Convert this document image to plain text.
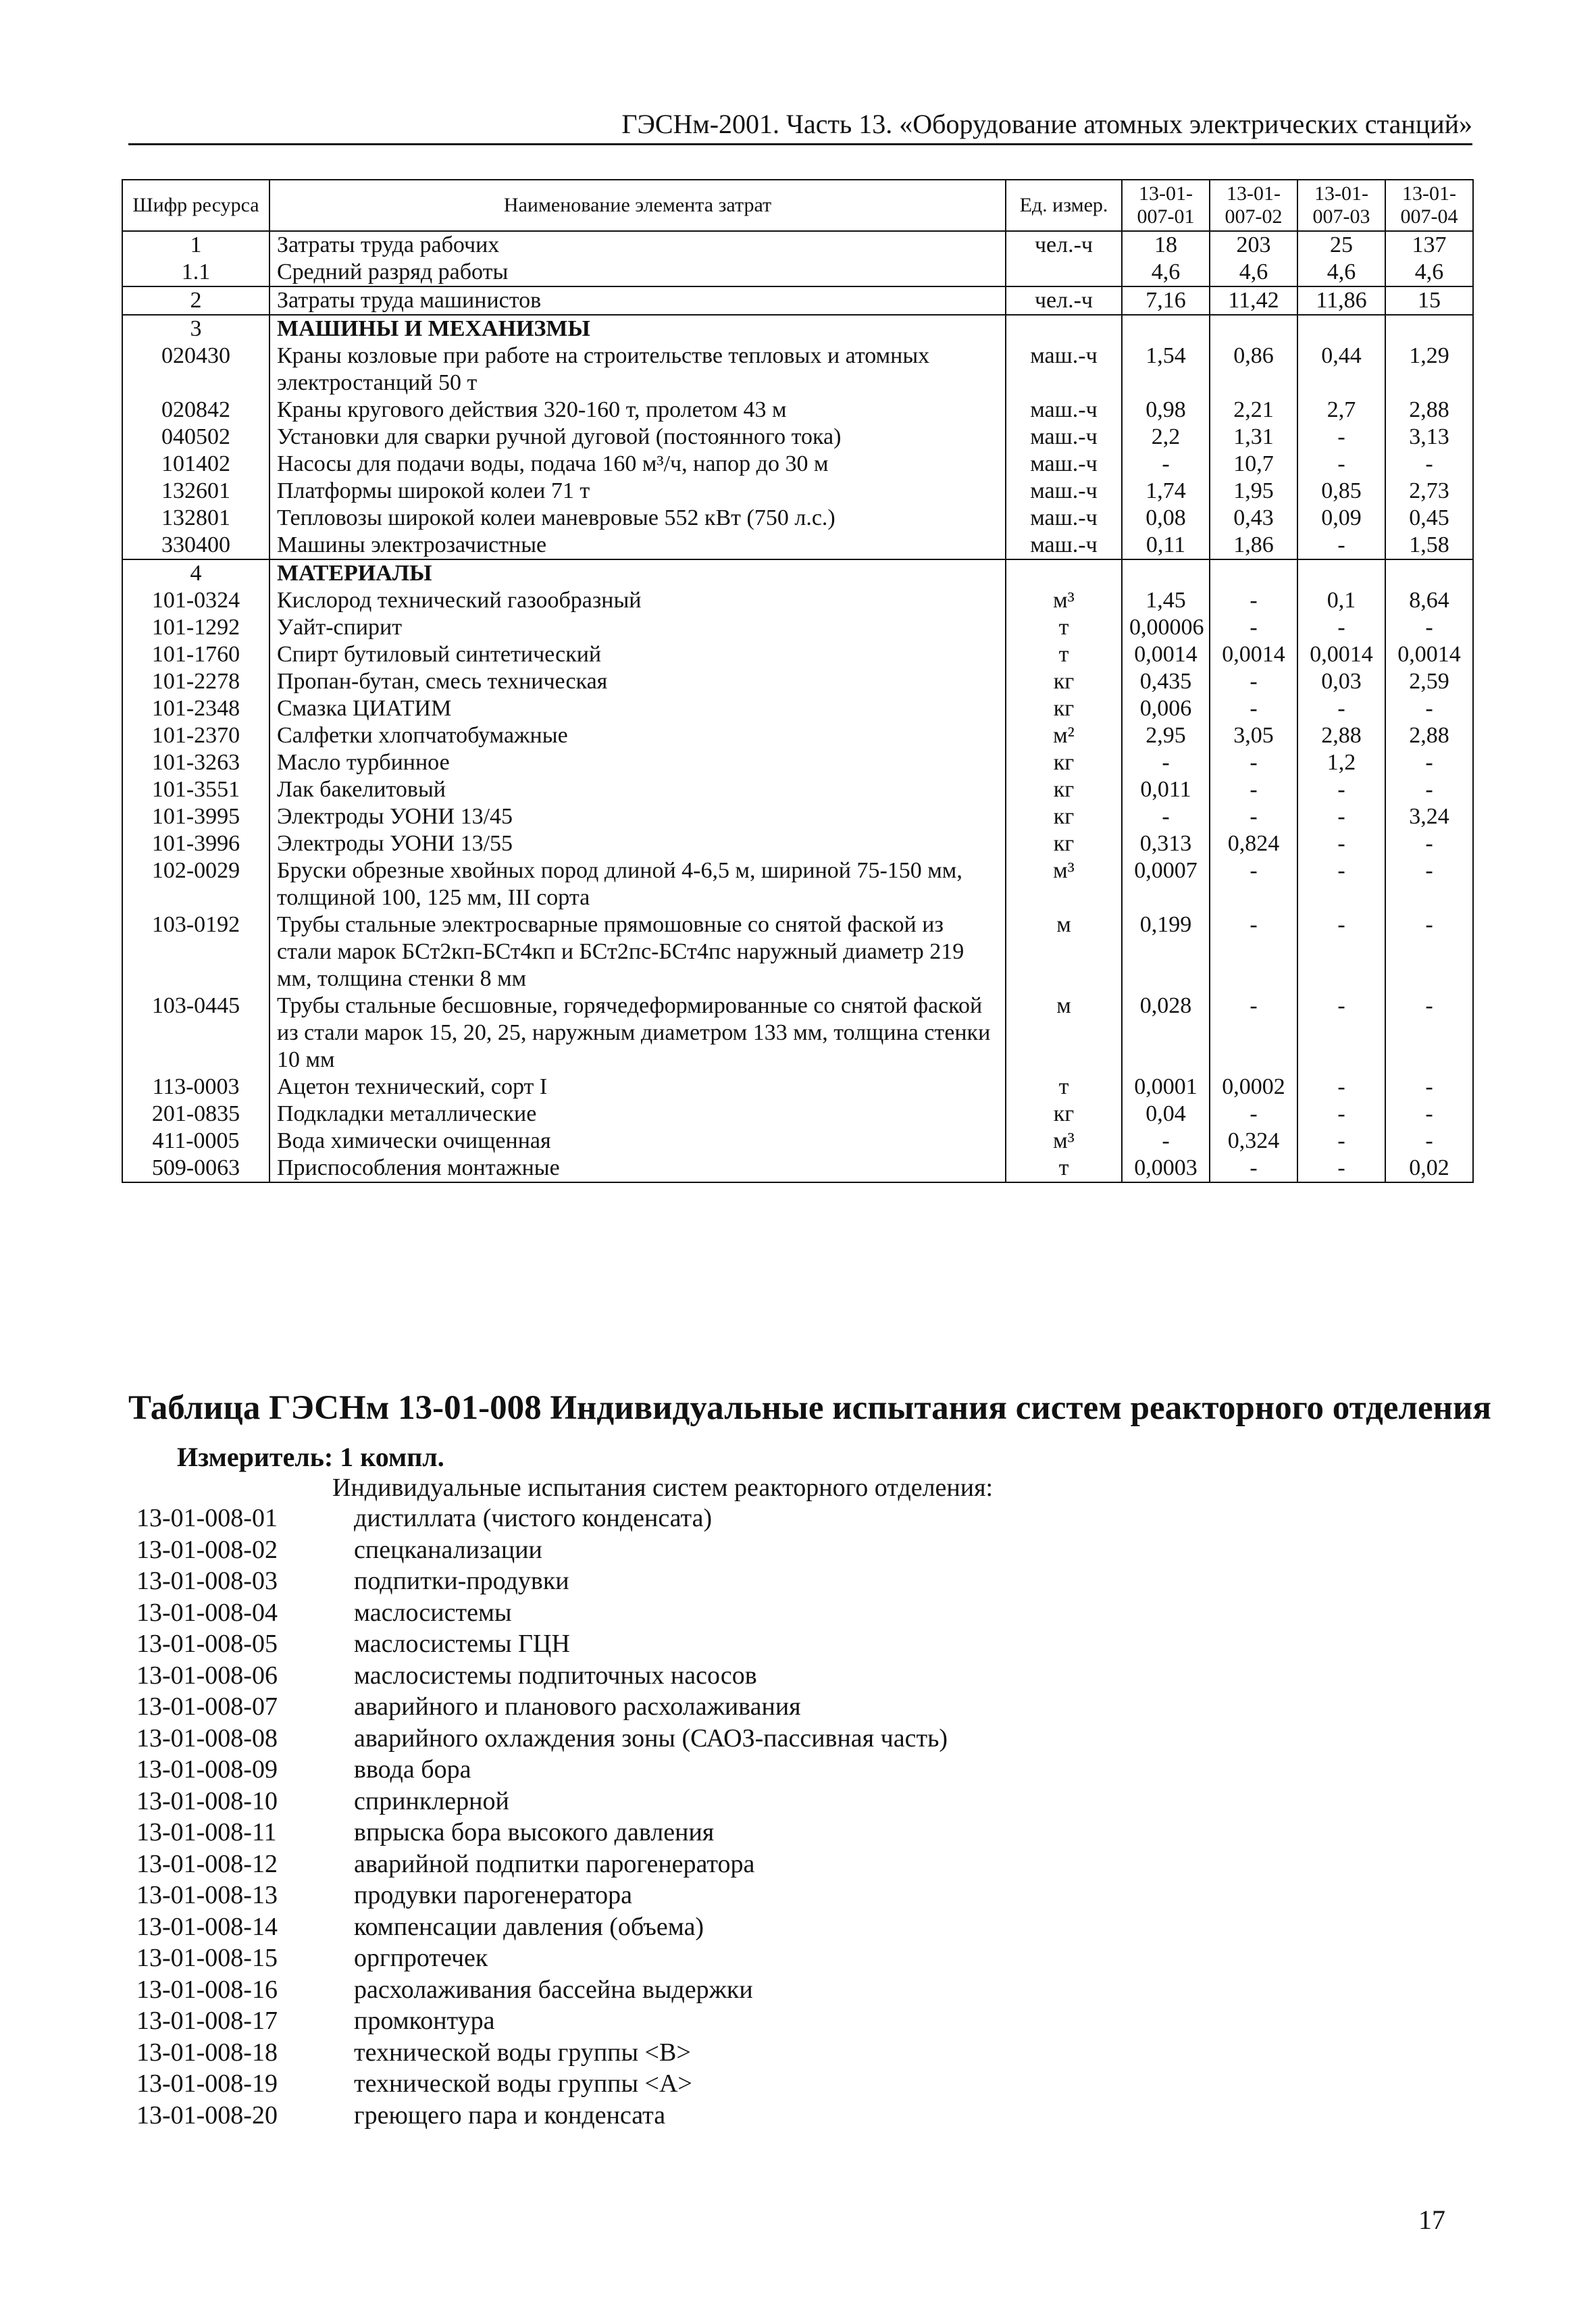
ГЭСНм-2001. Часть 13. «Оборудование атомных электрических станций»
Шифр ресурса	Наименование элемента затрат	Ед. измер.	13-01-007-01	13-01-007-02	13-01-007-03	13-01-007-04
1	Затраты труда рабочих	чел.-ч	18	203	25	137
1.1	Средний разряд работы		4,6	4,6	4,6	4,6
2	Затраты труда машинистов	чел.-ч	7,16	11,42	11,86	15
3	МАШИНЫ И МЕХАНИЗМЫ					
020430	Краны козловые при работе на строительстве тепловых и атомных электростанций 50 т	маш.-ч	1,54	0,86	0,44	1,29
020842	Краны кругового действия 320-160 т, пролетом 43 м	маш.-ч	0,98	2,21	2,7	2,88
040502	Установки для сварки ручной дуговой (постоянного тока)	маш.-ч	2,2	1,31	-	3,13
101402	Насосы для подачи воды, подача 160 м³/ч, напор до 30 м	маш.-ч	-	10,7	-	-
132601	Платформы широкой колеи 71 т	маш.-ч	1,74	1,95	0,85	2,73
132801	Тепловозы широкой колеи маневровые 552 кВт (750 л.с.)	маш.-ч	0,08	0,43	0,09	0,45
330400	Машины электрозачистные	маш.-ч	0,11	1,86	-	1,58
4	МАТЕРИАЛЫ					
101-0324	Кислород технический газообразный	м³	1,45	-	0,1	8,64
101-1292	Уайт-спирит	т	0,00006	-	-	-
101-1760	Спирт бутиловый синтетический	т	0,0014	0,0014	0,0014	0,0014
101-2278	Пропан-бутан, смесь техническая	кг	0,435	-	0,03	2,59
101-2348	Смазка ЦИАТИМ	кг	0,006	-	-	-
101-2370	Салфетки хлопчатобумажные	м²	2,95	3,05	2,88	2,88
101-3263	Масло турбинное	кг	-	-	1,2	-
101-3551	Лак бакелитовый	кг	0,011	-	-	-
101-3995	Электроды УОНИ 13/45	кг	-	-	-	3,24
101-3996	Электроды УОНИ 13/55	кг	0,313	0,824	-	-
102-0029	Бруски обрезные хвойных пород длиной 4-6,5 м, шириной 75-150 мм, толщиной 100, 125 мм, III сорта	м³	0,0007	-	-	-
103-0192	Трубы стальные электросварные прямошовные со снятой фаской из стали марок БСт2кп-БСт4кп и БСт2пс-БСт4пс наружный диаметр 219 мм, толщина стенки 8 мм	м	0,199	-	-	-
103-0445	Трубы стальные бесшовные, горячедеформированные со снятой фаской из стали марок 15, 20, 25, наружным диаметром 133 мм, толщина стенки 10 мм	м	0,028	-	-	-
113-0003	Ацетон технический, сорт I	т	0,0001	0,0002	-	-
201-0835	Подкладки металлические	кг	0,04	-	-	-
411-0005	Вода химически очищенная	м³	-	0,324	-	-
509-0063	Приспособления монтажные	т	0,0003	-	-	0,02
Таблица ГЭСНм 13-01-008 Индивидуальные испытания систем реакторного отделения
Измеритель: 1 компл.
Индивидуальные испытания систем реакторного отделения:
13-01-008-01	дистиллата (чистого конденсата)
13-01-008-02	спецканализации
13-01-008-03	подпитки-продувки
13-01-008-04	маслосистемы
13-01-008-05	маслосистемы ГЦН
13-01-008-06	маслосистемы подпиточных насосов
13-01-008-07	аварийного и планового расхолаживания
13-01-008-08	аварийного охлаждения зоны (САОЗ-пассивная часть)
13-01-008-09	ввода бора
13-01-008-10	спринклерной
13-01-008-11	впрыска бора высокого давления
13-01-008-12	аварийной подпитки парогенератора
13-01-008-13	продувки парогенератора
13-01-008-14	компенсации давления (объема)
13-01-008-15	оргпротечек
13-01-008-16	расхолаживания бассейна выдержки
13-01-008-17	промконтура
13-01-008-18	технической воды группы <B>
13-01-008-19	технической воды группы <A>
13-01-008-20	греющего пара и конденсата
17
